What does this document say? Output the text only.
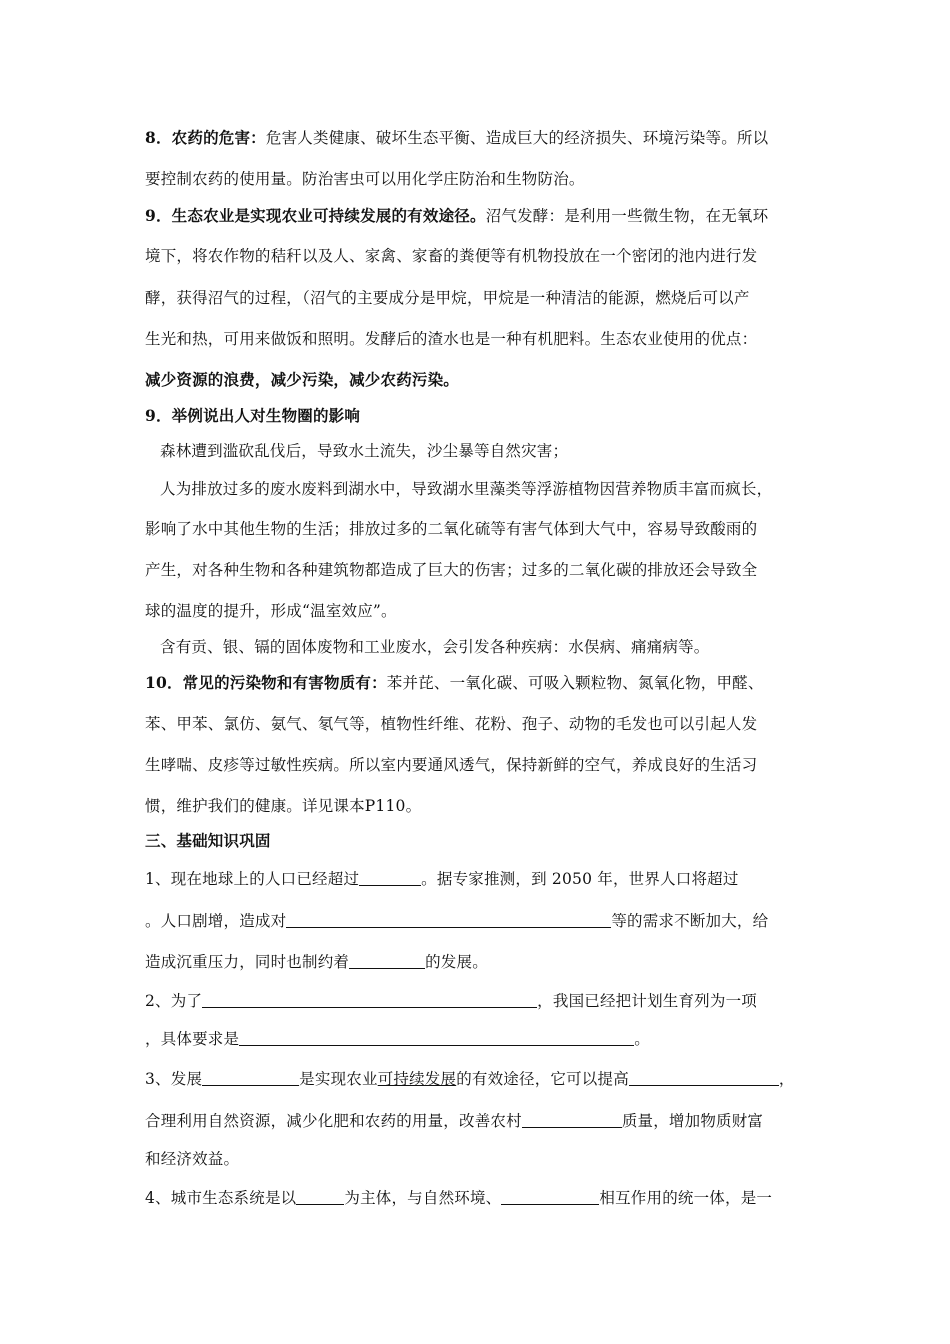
8．农药的危害：危害人类健康、破坏生态平衡、造成巨大的经济损失、环境污染等。所以
要控制农药的使用量。防治害虫可以用化学庄防治和生物防治。
9．生态农业是实现农业可持续发展的有效途径。沼气发酵：是利用一些微生物，在无氧环
境下，将农作物的秸秆以及人、家禽、家畜的粪便等有机物投放在一个密闭的池内进行发
酵，获得沼气的过程，（沼气的主要成分是甲烷，甲烷是一种清洁的能源，燃烧后可以产
生光和热，可用来做饭和照明。发酵后的渣水也是一种有机肥料。生态农业使用的优点：
减少资源的浪费，减少污染，减少农药污染。
9．举例说出人对生物圈的影响
森林遭到滥砍乱伐后，导致水土流失，沙尘暴等自然灾害；
人为排放过多的废水废料到湖水中，导致湖水里藻类等浮游植物因营养物质丰富而疯长，
影响了水中其他生物的生活；排放过多的二氧化硫等有害气体到大气中，容易导致酸雨的
产生，对各种生物和各种建筑物都造成了巨大的伤害；过多的二氧化碳的排放还会导致全
球的温度的提升，形成“温室效应”。
含有贡、银、镉的固体废物和工业废水，会引发各种疾病：水俣病、痛痛病等。
10．常见的污染物和有害物质有：苯并芘、一氧化碳、可吸入颗粒物、氮氧化物，甲醛、
苯、甲苯、氯仿、氨气、氡气等，植物性纤维、花粉、孢子、动物的毛发也可以引起人发
生哮喘、皮疹等过敏性疾病。所以室内要通风透气，保持新鲜的空气，养成良好的生活习
惯，维护我们的健康。详见课本P110。
三、基础知识巩固
1、现在地球上的人口已经超过	。据专家推测，到 2050 年，世界人口将超过
。人口剧增，造成对	等的需求不断加大，给
造成沉重压力，同时也制约着	的发展。
2、为了	，我国已经把计划生育列为一项
，具体要求是	。
3、发展	是实现农业可持续发展的有效途径，它可以提高	，
合理利用自然资源，减少化肥和农药的用量，改善农村	质量，增加物质财富
和经济效益。
4、城市生态系统是以	为主体，与自然环境、	相互作用的统一体，是一
